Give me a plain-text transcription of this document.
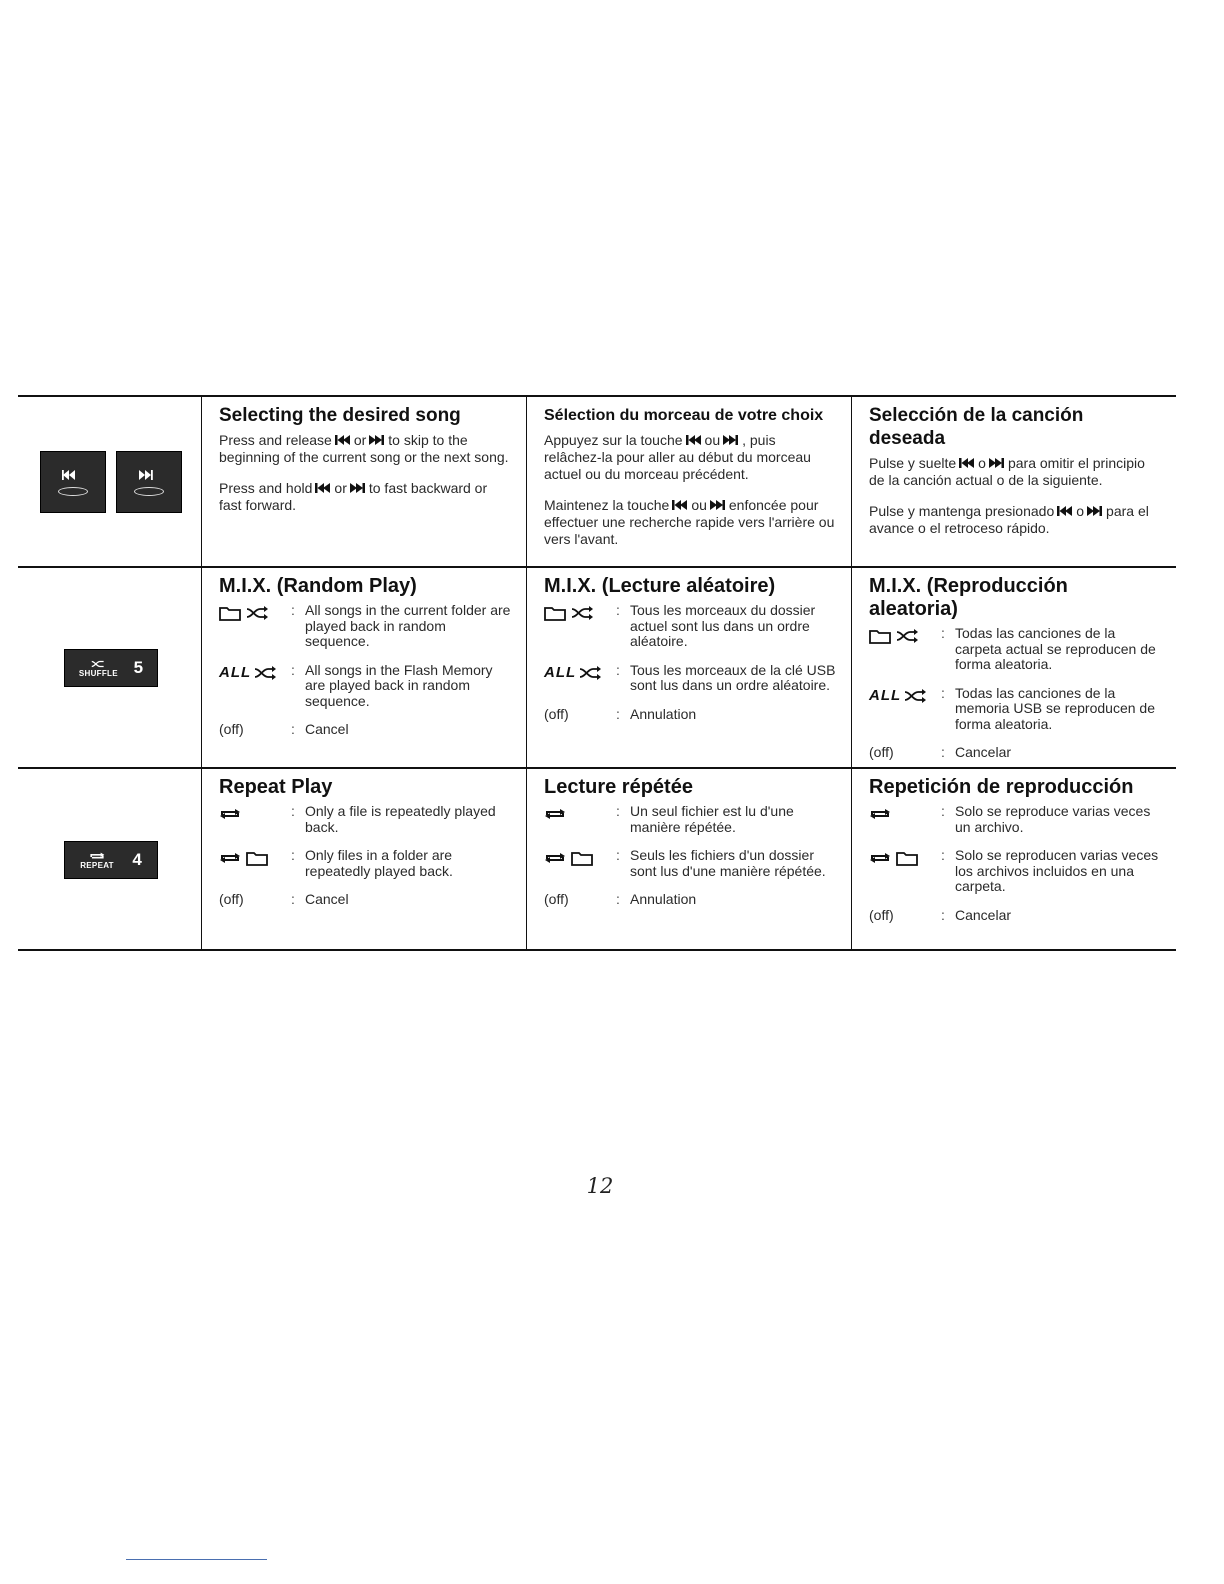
Selecting the desired song

Press and release or to skip to the beginning of the current song or the next song.

Press and hold or to fast backward or fast forward.

Sélection du morceau de votre choix

Appuyez sur la touche ou , puis relâchez-la pour aller au début du morceau actuel ou du morceau précédent.

Maintenez la touche ou enfoncée pour effectuer une recherche rapide vers l'arrière ou vers l'avant.

Selección de la canción deseada

Pulse y suelte o para omitir el principio de la canción actual o de la siguiente.

Pulse y mantenga presionado o para el avance o el retroceso rápido.

SHUFFLE 5
M.I.X. (Random Play)
: All songs in the current folder are played back in random sequence.
ALL	: All songs in the Flash Memory are played back in random sequence.
(off)	: Cancel
M.I.X. (Lecture aléatoire)
: Tous les morceaux du dossier actuel sont lus dans un ordre aléatoire.
ALL	: Tous les morceaux de la clé USB sont lus dans un ordre aléatoire.
(off)	: Annulation
M.I.X. (Reproducción aleatoria)
: Todas las canciones de la carpeta actual se reproducen de forma aleatoria.
ALL	: Todas las canciones de la memoria USB se reproducen de forma aleatoria.
(off)	: Cancelar
REPEAT 4
Repeat Play
: Only a file is repeatedly played back.
: Only files in a folder are repeatedly played back.
(off)	: Cancel
Lecture répétée
: Un seul fichier est lu d'une manière répétée.
: Seuls les fichiers d'un dossier sont lus d'une manière répétée.
(off)	: Annulation
Repetición de reproducción
: Solo se reproduce varias veces un archivo.
: Solo se reproducen varias veces los archivos incluidos en una carpeta.
(off)	: Cancelar
12
